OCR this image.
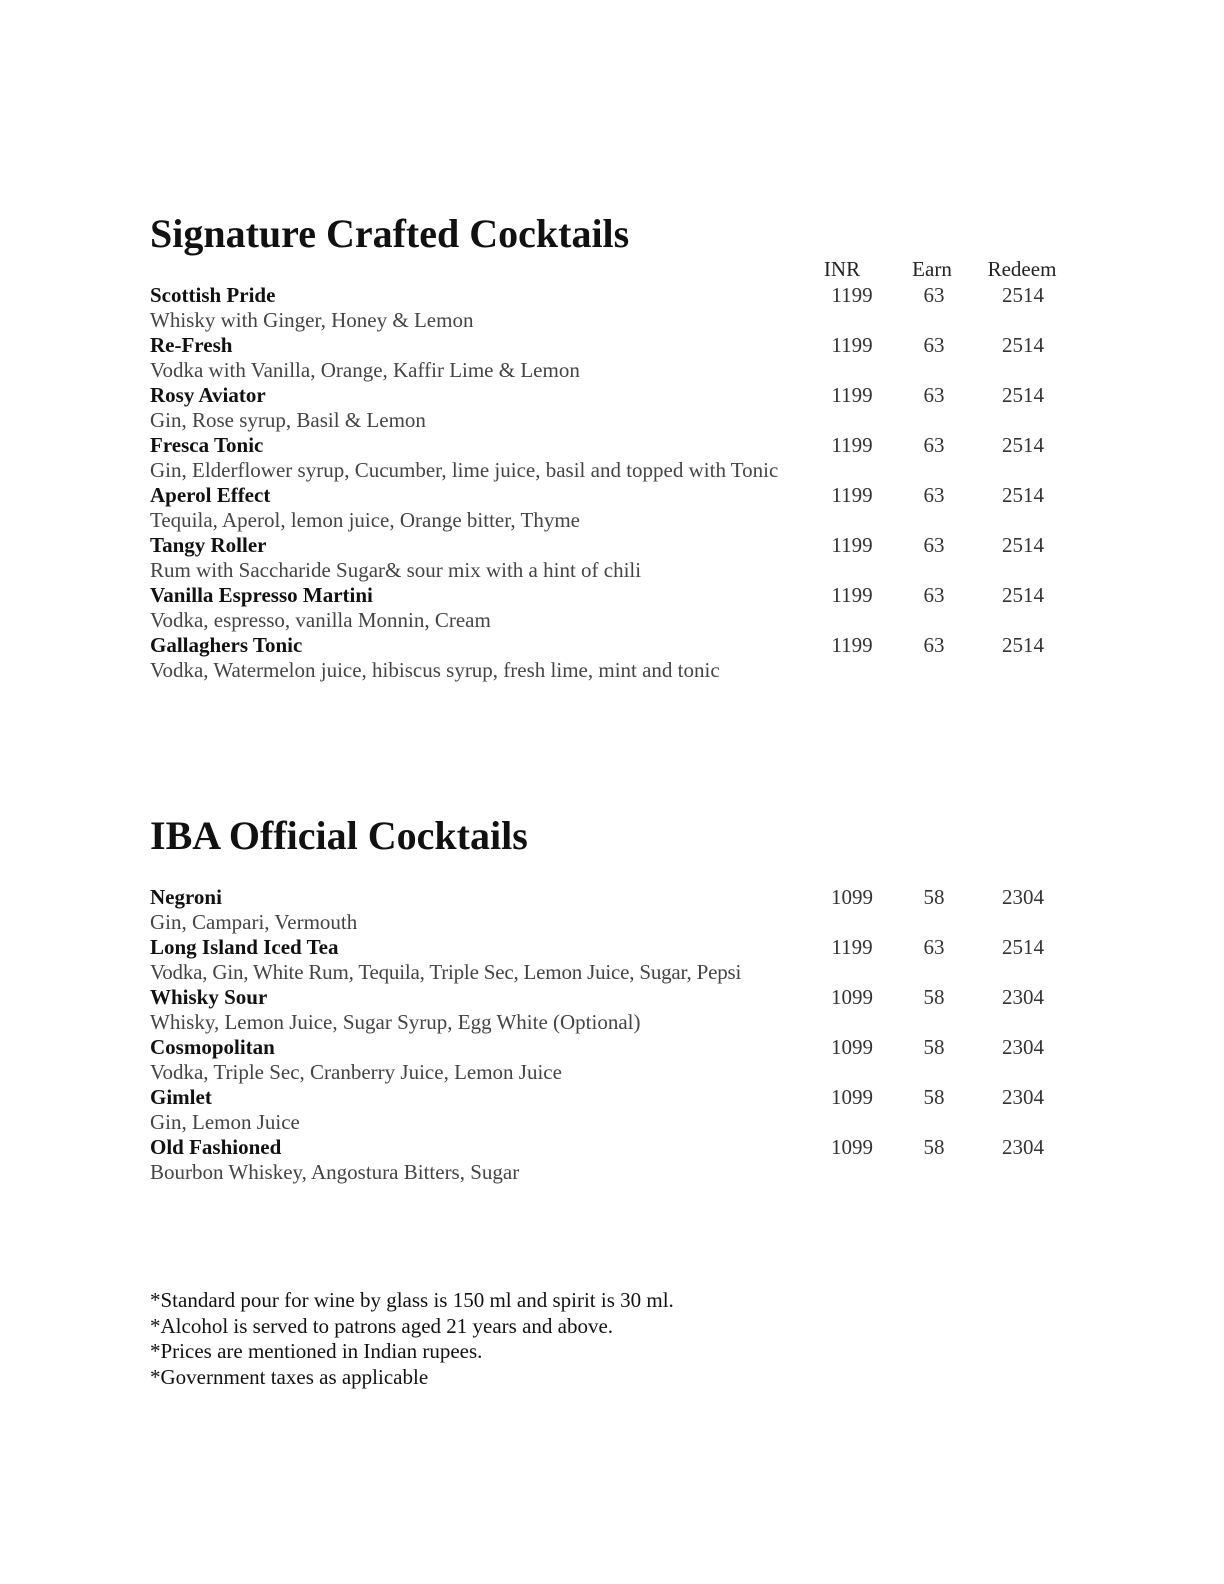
Signature Crafted Cocktails
INR	Earn	Redeem
Scottish Pride
Whisky with Ginger, Honey & Lemon
1199	63	2514
Re-Fresh
Vodka with Vanilla, Orange, Kaffir Lime & Lemon
1199	63	2514
Rosy Aviator
Gin, Rose syrup, Basil & Lemon
1199	63	2514
Fresca Tonic
Gin, Elderflower syrup, Cucumber, lime juice, basil and topped with Tonic
1199	63	2514
Aperol Effect
Tequila, Aperol, lemon juice, Orange bitter, Thyme
1199	63	2514
Tangy Roller
Rum with Saccharide Sugar& sour mix with a hint of chili
1199	63	2514
Vanilla Espresso Martini
Vodka, espresso, vanilla Monnin, Cream
1199	63	2514
Gallaghers Tonic
Vodka, Watermelon juice, hibiscus syrup, fresh lime, mint and tonic
1199	63	2514
IBA Official Cocktails
Negroni
Gin, Campari, Vermouth
1099	58	2304
Long Island Iced Tea
Vodka, Gin, White Rum, Tequila, Triple Sec, Lemon Juice, Sugar, Pepsi
1199	63	2514
Whisky Sour
Whisky, Lemon Juice, Sugar Syrup, Egg White (Optional)
1099	58	2304
Cosmopolitan
Vodka, Triple Sec, Cranberry Juice, Lemon Juice
1099	58	2304
Gimlet
Gin, Lemon Juice
1099	58	2304
Old Fashioned
Bourbon Whiskey, Angostura Bitters, Sugar
1099	58	2304
*Standard pour for wine by glass is 150 ml and spirit is 30 ml.
*Alcohol is served to patrons aged 21 years and above.
*Prices are mentioned in Indian rupees.
*Government taxes as applicable
